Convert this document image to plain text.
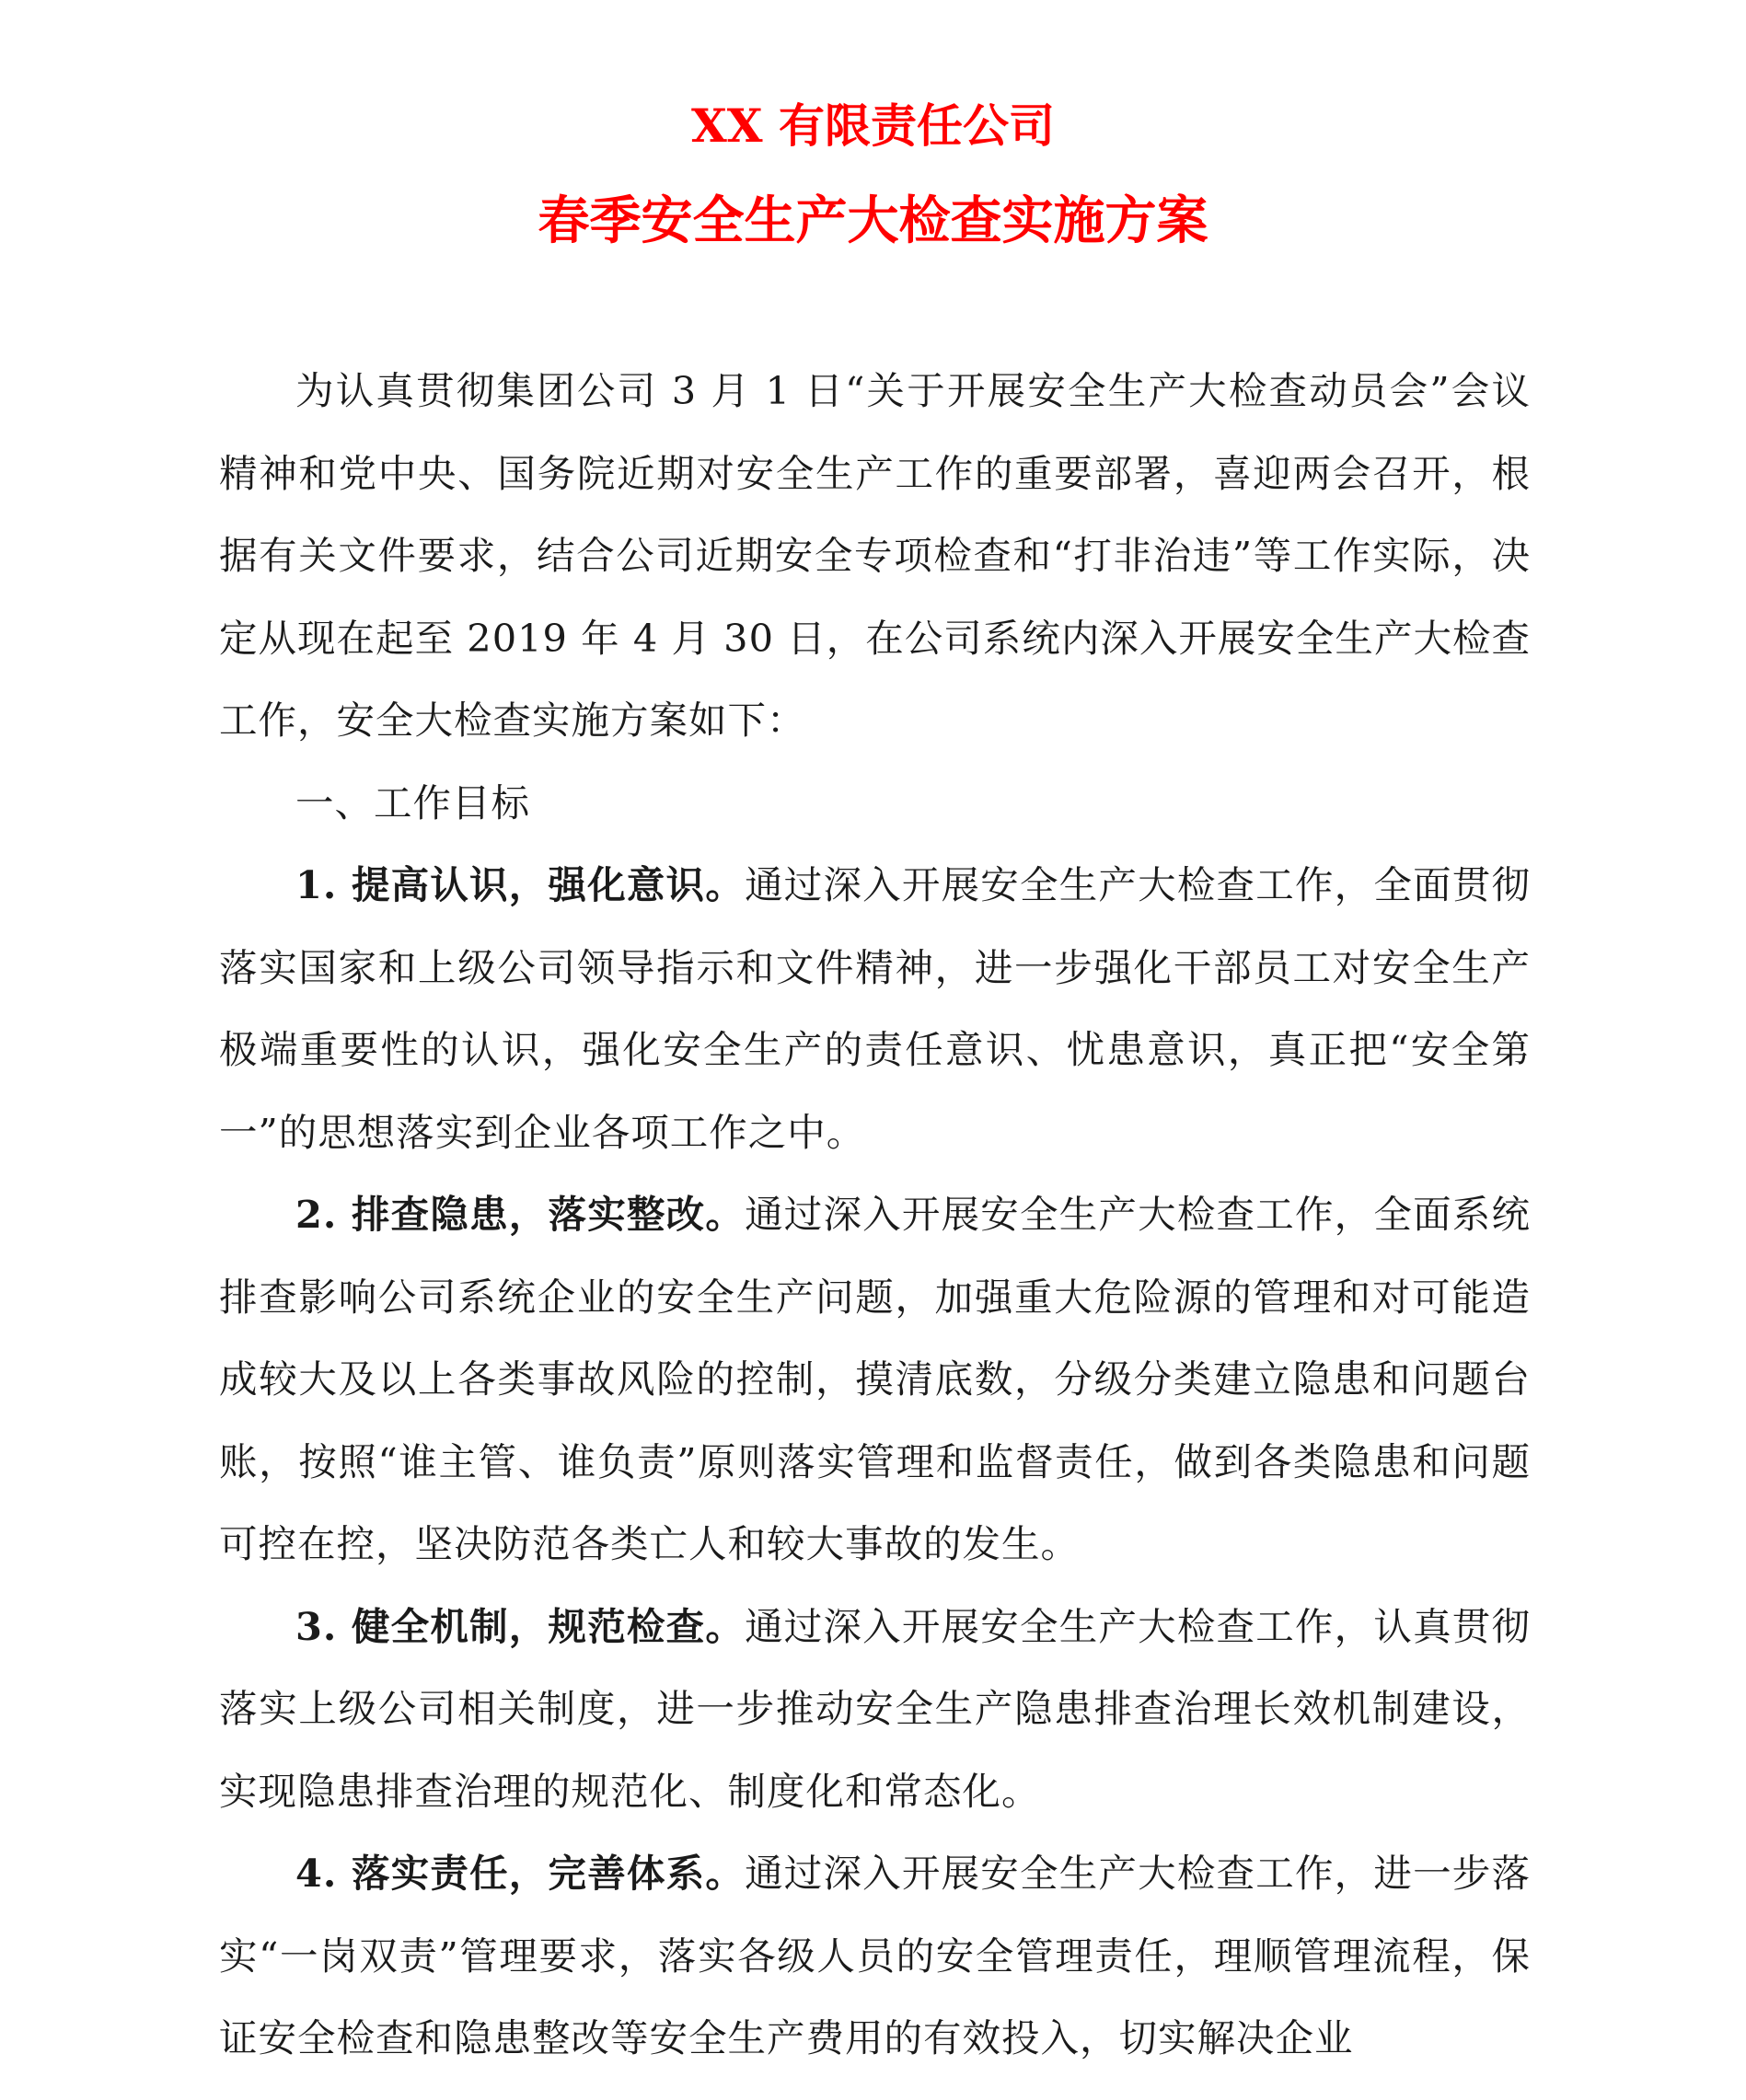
XX 有限责任公司
春季安全生产大检查实施方案

为认真贯彻集团公司 3 月 1 日“关于开展安全生产大检查动员会”会议精神和党中央、国务院近期对安全生产工作的重要部署，喜迎两会召开，根据有关文件要求，结合公司近期安全专项检查和“打非治违”等工作实际，决定从现在起至 2019 年 4 月 30 日，在公司系统内深入开展安全生产大检查工作，安全大检查实施方案如下：

一、工作目标

1. 提高认识，强化意识。通过深入开展安全生产大检查工作，全面贯彻落实国家和上级公司领导指示和文件精神，进一步强化干部员工对安全生产极端重要性的认识，强化安全生产的责任意识、忧患意识，真正把“安全第一”的思想落实到企业各项工作之中。

2. 排查隐患，落实整改。通过深入开展安全生产大检查工作，全面系统排查影响公司系统企业的安全生产问题，加强重大危险源的管理和对可能造成较大及以上各类事故风险的控制，摸清底数，分级分类建立隐患和问题台账，按照“谁主管、谁负责”原则落实管理和监督责任，做到各类隐患和问题可控在控，坚决防范各类亡人和较大事故的发生。

3. 健全机制，规范检查。通过深入开展安全生产大检查工作，认真贯彻落实上级公司相关制度，进一步推动安全生产隐患排查治理长效机制建设，实现隐患排查治理的规范化、制度化和常态化。

4. 落实责任，完善体系。通过深入开展安全生产大检查工作，进一步落实“一岗双责”管理要求，落实各级人员的安全管理责任，理顺管理流程，保证安全检查和隐患整改等安全生产费用的有效投入，切实解决企业
